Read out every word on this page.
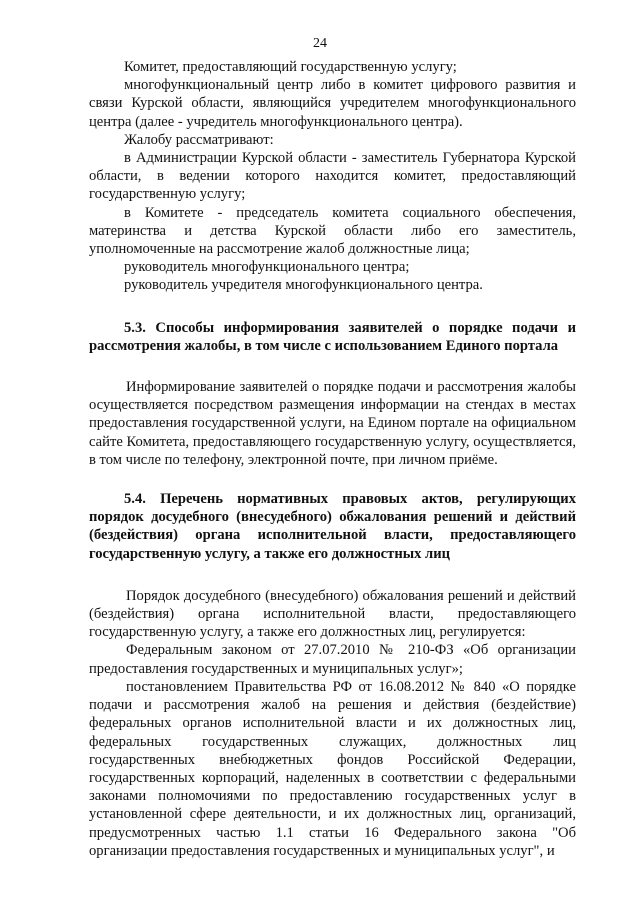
24

Комитет, предоставляющий государственную услугу;

многофункциональный центр либо в комитет цифрового развития и связи Курской области, являющийся учредителем многофункционального центра (далее - учредитель многофункционального центра).

Жалобу рассматривают:

в Администрации Курской области - заместитель Губернатора Курской области, в ведении которого находится комитет, предоставляющий государственную услугу;

в Комитете - председатель комитета социального обеспечения, материнства и детства Курской области либо его заместитель, уполномоченные на рассмотрение жалоб должностные лица;

руководитель многофункционального центра;

руководитель учредителя многофункционального центра.

5.3. Способы информирования заявителей о порядке подачи и рассмотрения жалобы, в том числе с использованием Единого портала

Информирование заявителей о порядке подачи и рассмотрения жалобы осуществляется посредством размещения информации на стендах в местах предоставления государственной услуги, на Едином портале на официальном сайте Комитета, предоставляющего государственную услугу, осуществляется, в том числе по телефону, электронной почте, при личном приёме.

5.4. Перечень нормативных правовых актов, регулирующих порядок досудебного (внесудебного) обжалования решений и действий (бездействия) органа исполнительной власти, предоставляющего государственную услугу, а также его должностных лиц

Порядок досудебного (внесудебного) обжалования решений и действий (бездействия) органа исполнительной власти, предоставляющего государственную услугу, а также его должностных лиц, регулируется:

Федеральным законом от 27.07.2010 № 210-ФЗ «Об организации предоставления государственных и муниципальных услуг»;

постановлением Правительства РФ от 16.08.2012 № 840 «О порядке подачи и рассмотрения жалоб на решения и действия (бездействие) федеральных органов исполнительной власти и их должностных лиц, федеральных государственных служащих, должностных лиц государственных внебюджетных фондов Российской Федерации, государственных корпораций, наделенных в соответствии с федеральными законами полномочиями по предоставлению государственных услуг в установленной сфере деятельности, и их должностных лиц, организаций, предусмотренных частью 1.1 статьи 16 Федерального закона "Об организации предоставления государственных и муниципальных услуг", и
